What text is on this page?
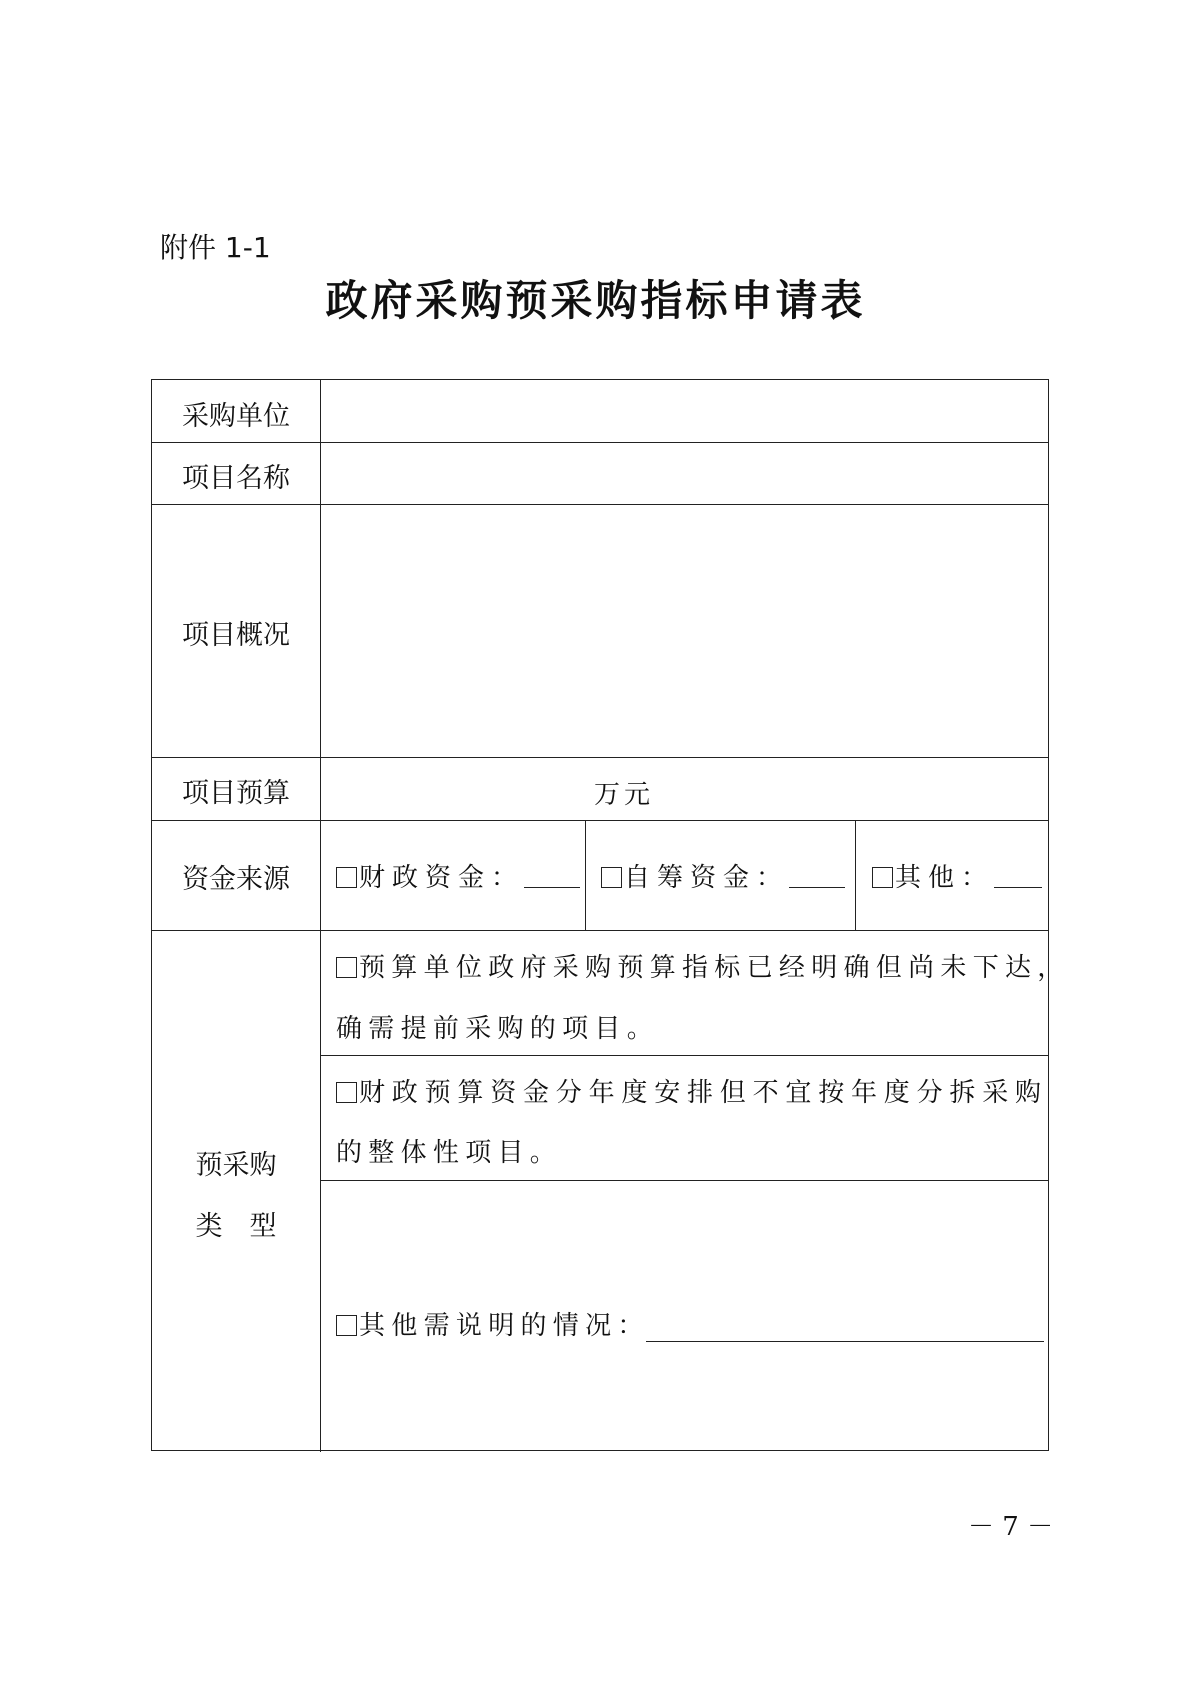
附件 1-1
政府采购预采购指标申请表
采购单位
项目名称
项目概况
项目预算
资金来源
预采购
类　型
万元
财政资金：	自筹资金：	其他：
预算单位政府采购预算指标已经明确但尚未下达，
确需提前采购的项目。
财政预算资金分年度安排但不宜按年度分拆采购
的整体性项目。
其他需说明的情况：
－ 7 －
